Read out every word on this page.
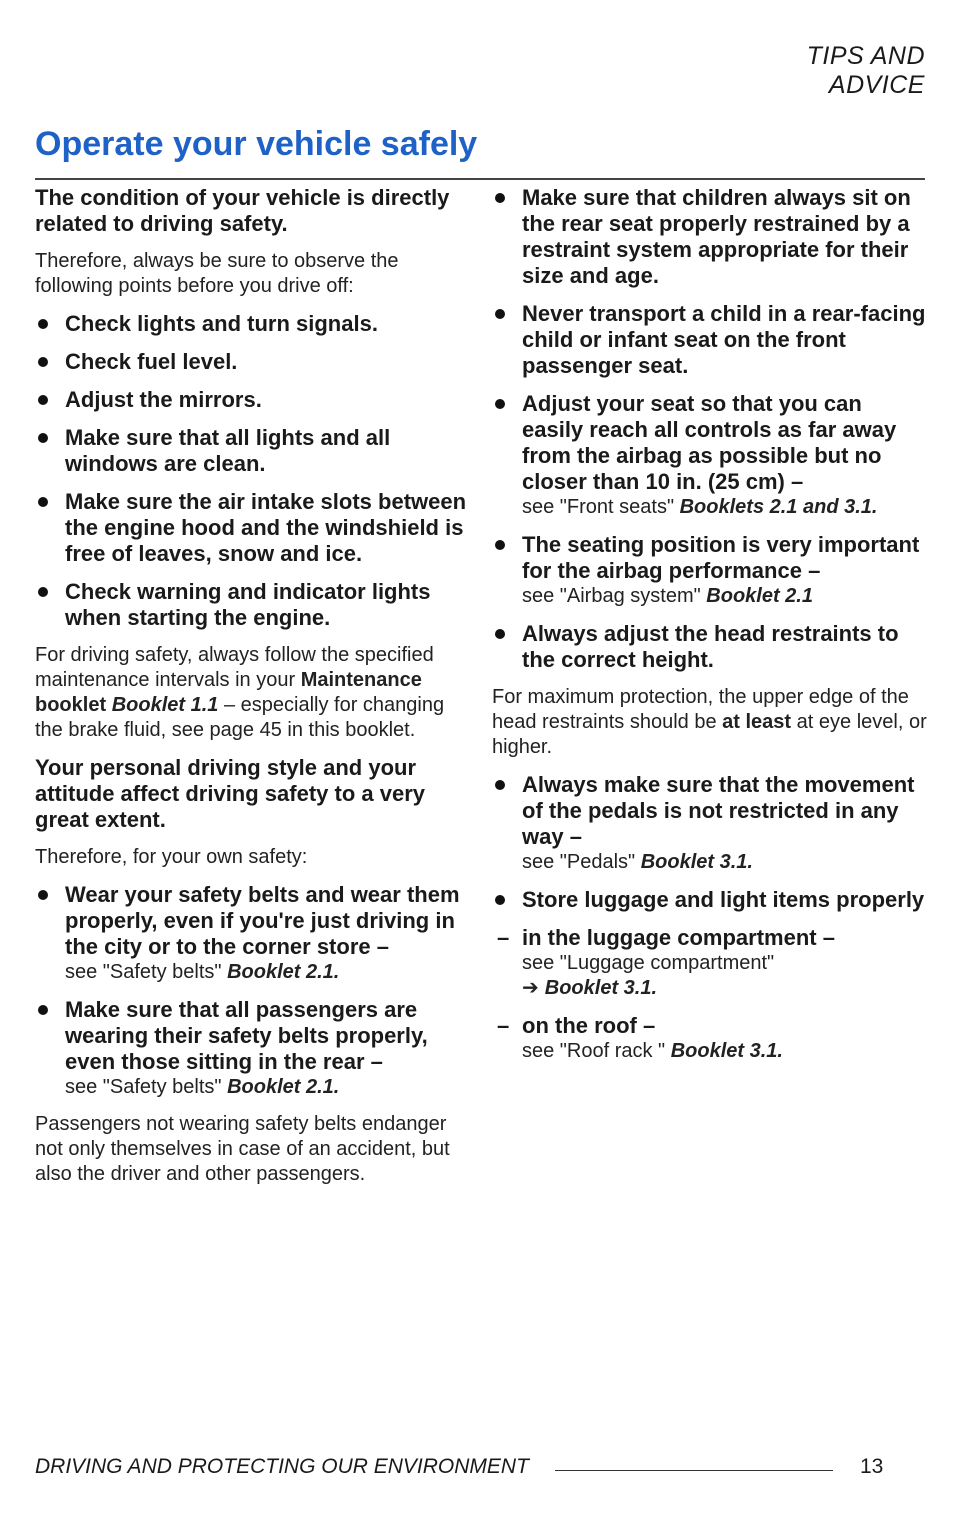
TIPS AND ADVICE
Operate your vehicle safely

The condition of your vehicle is directly related to driving safety.

Therefore, always be sure to observe the following points before you drive off:

Check lights and turn signals.
Check fuel level.
Adjust the mirrors.
Make sure that all lights and all windows are clean.
Make sure the air intake slots between the engine hood and the windshield is free of leaves, snow and ice.
Check warning and indicator lights when starting the engine.

For driving safety, always follow the specified maintenance intervals in your Maintenance booklet Booklet 1.1 – especially for changing the brake fluid, see page 45 in this booklet.

Your personal driving style and your attitude affect driving safety to a very great extent.

Therefore, for your own safety:

Wear your safety belts and wear them properly, even if you're just driving in the city or to the corner store –

see "Safety belts" Booklet 2.1.

Make sure that all passengers are wearing their safety belts properly, even those sitting in the rear –

see "Safety belts" Booklet 2.1.

Passengers not wearing safety belts endanger not only themselves in case of an accident, but also the driver and other passengers.

Make sure that children always sit on the rear seat properly restrained by a restraint system appropriate for their size and age.
Never transport a child in a rear-facing child or infant seat on the front passenger seat.

Adjust your seat so that you can easily reach all controls as far away from the airbag as possible but no closer than 10 in. (25 cm) –

see "Front seats" Booklets 2.1 and 3.1.

The seating position is very important for the airbag performance –

see "Airbag system" Booklet 2.1

Always adjust the head restraints to the correct height.

For maximum protection, the upper edge of the head restraints should be at least at eye level, or higher.

Always make sure that the movement of the pedals is not restricted in any way –

see "Pedals" Booklet 3.1.

Store luggage and light items properly
– in the luggage compartment –

see "Luggage compartment"

➔ Booklet 3.1.

– on the roof –

see "Roof rack " Booklet 3.1.

DRIVING AND PROTECTING OUR ENVIRONMENT	13
